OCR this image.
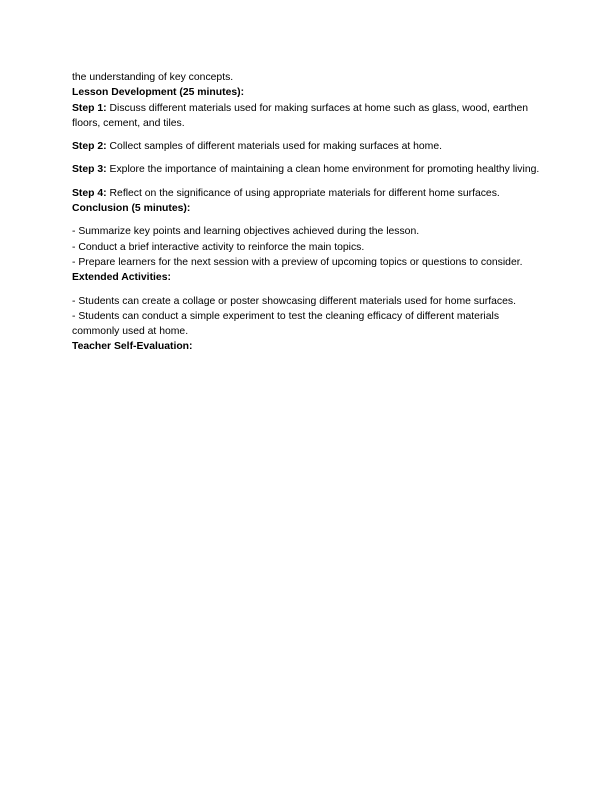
the understanding of key concepts.

Lesson Development (25 minutes):

Step 1: Discuss different materials used for making surfaces at home such as glass, wood, earthen floors, cement, and tiles.

Step 2: Collect samples of different materials used for making surfaces at home.

Step 3: Explore the importance of maintaining a clean home environment for promoting healthy living.

Step 4: Reflect on the significance of using appropriate materials for different home surfaces.

Conclusion (5 minutes):

- Summarize key points and learning objectives achieved during the lesson.

- Conduct a brief interactive activity to reinforce the main topics.

- Prepare learners for the next session with a preview of upcoming topics or questions to consider.

Extended Activities:

- Students can create a collage or poster showcasing different materials used for home surfaces.

- Students can conduct a simple experiment to test the cleaning efficacy of different materials commonly used at home.

Teacher Self-Evaluation:
